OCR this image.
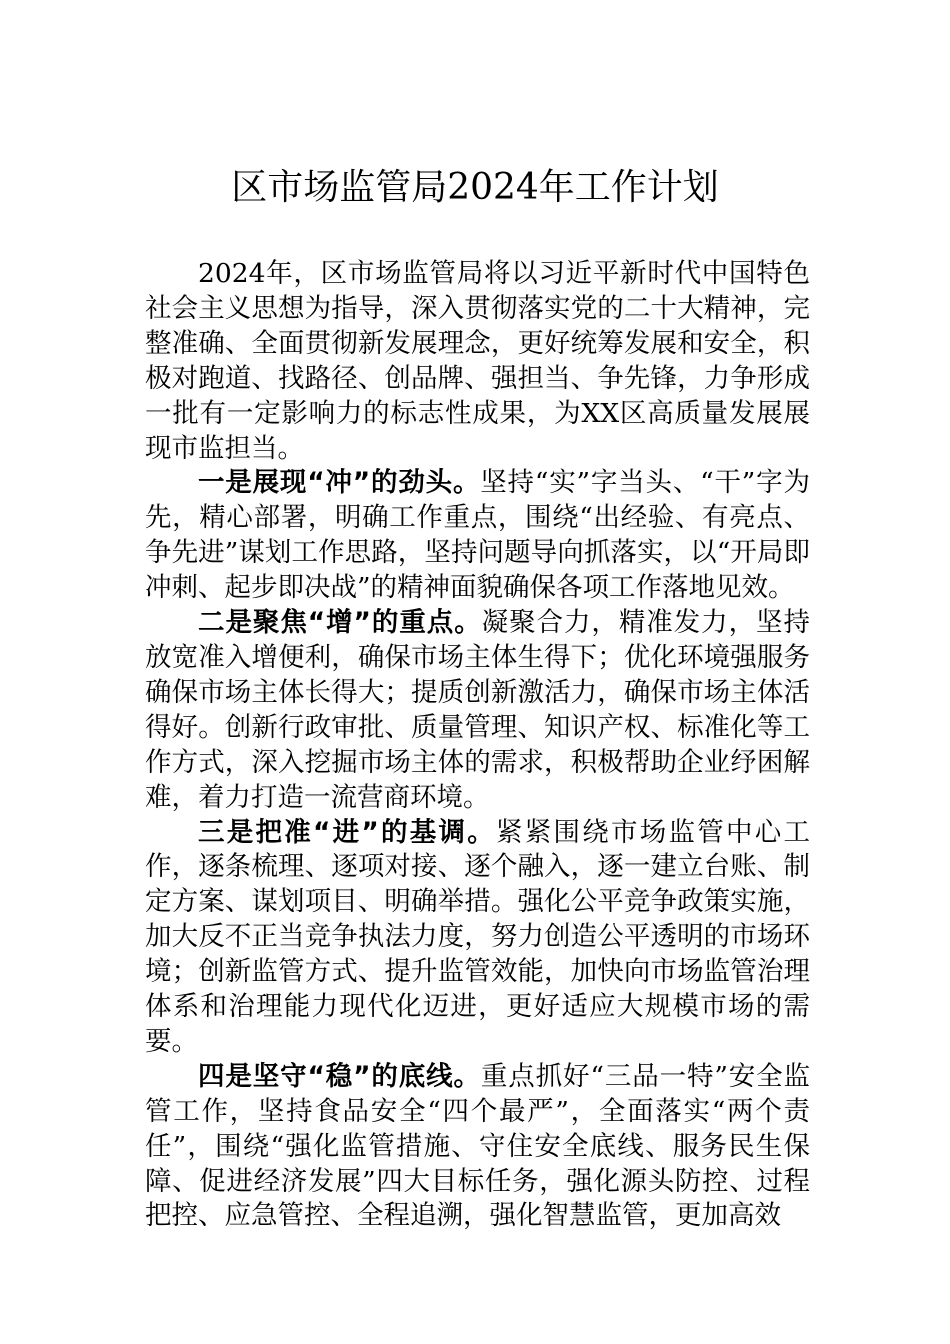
区市场监管局2024年工作计划

2024年，区市场监管局将以习近平新时代中国特色社会主义思想为指导，深入贯彻落实党的二十大精神，完整准确、全面贯彻新发展理念，更好统筹发展和安全，积极对跑道、找路径、创品牌、强担当、争先锋，力争形成一批有一定影响力的标志性成果，为XX区高质量发展展现市监担当。

一是展现“冲”的劲头。坚持“实”字当头、“干”字为先，精心部署，明确工作重点，围绕“出经验、有亮点、争先进”谋划工作思路，坚持问题导向抓落实，以“开局即冲刺、起步即决战”的精神面貌确保各项工作落地见效。

二是聚焦“增”的重点。凝聚合力，精准发力，坚持放宽准入增便利，确保市场主体生得下；优化环境强服务确保市场主体长得大；提质创新激活力，确保市场主体活得好。创新行政审批、质量管理、知识产权、标准化等工作方式，深入挖掘市场主体的需求，积极帮助企业纾困解难，着力打造一流营商环境。

三是把准“进”的基调。紧紧围绕市场监管中心工作，逐条梳理、逐项对接、逐个融入，逐一建立台账、制定方案、谋划项目、明确举措。强化公平竞争政策实施，加大反不正当竞争执法力度，努力创造公平透明的市场环境；创新监管方式、提升监管效能，加快向市场监管治理体系和治理能力现代化迈进，更好适应大规模市场的需要。

四是坚守“稳”的底线。重点抓好“三品一特”安全监管工作，坚持食品安全“四个最严”，全面落实“两个责任”，围绕“强化监管措施、守住安全底线、服务民生保障、促进经济发展”四大目标任务，强化源头防控、过程把控、应急管控、全程追溯，强化智慧监管，更加高效
